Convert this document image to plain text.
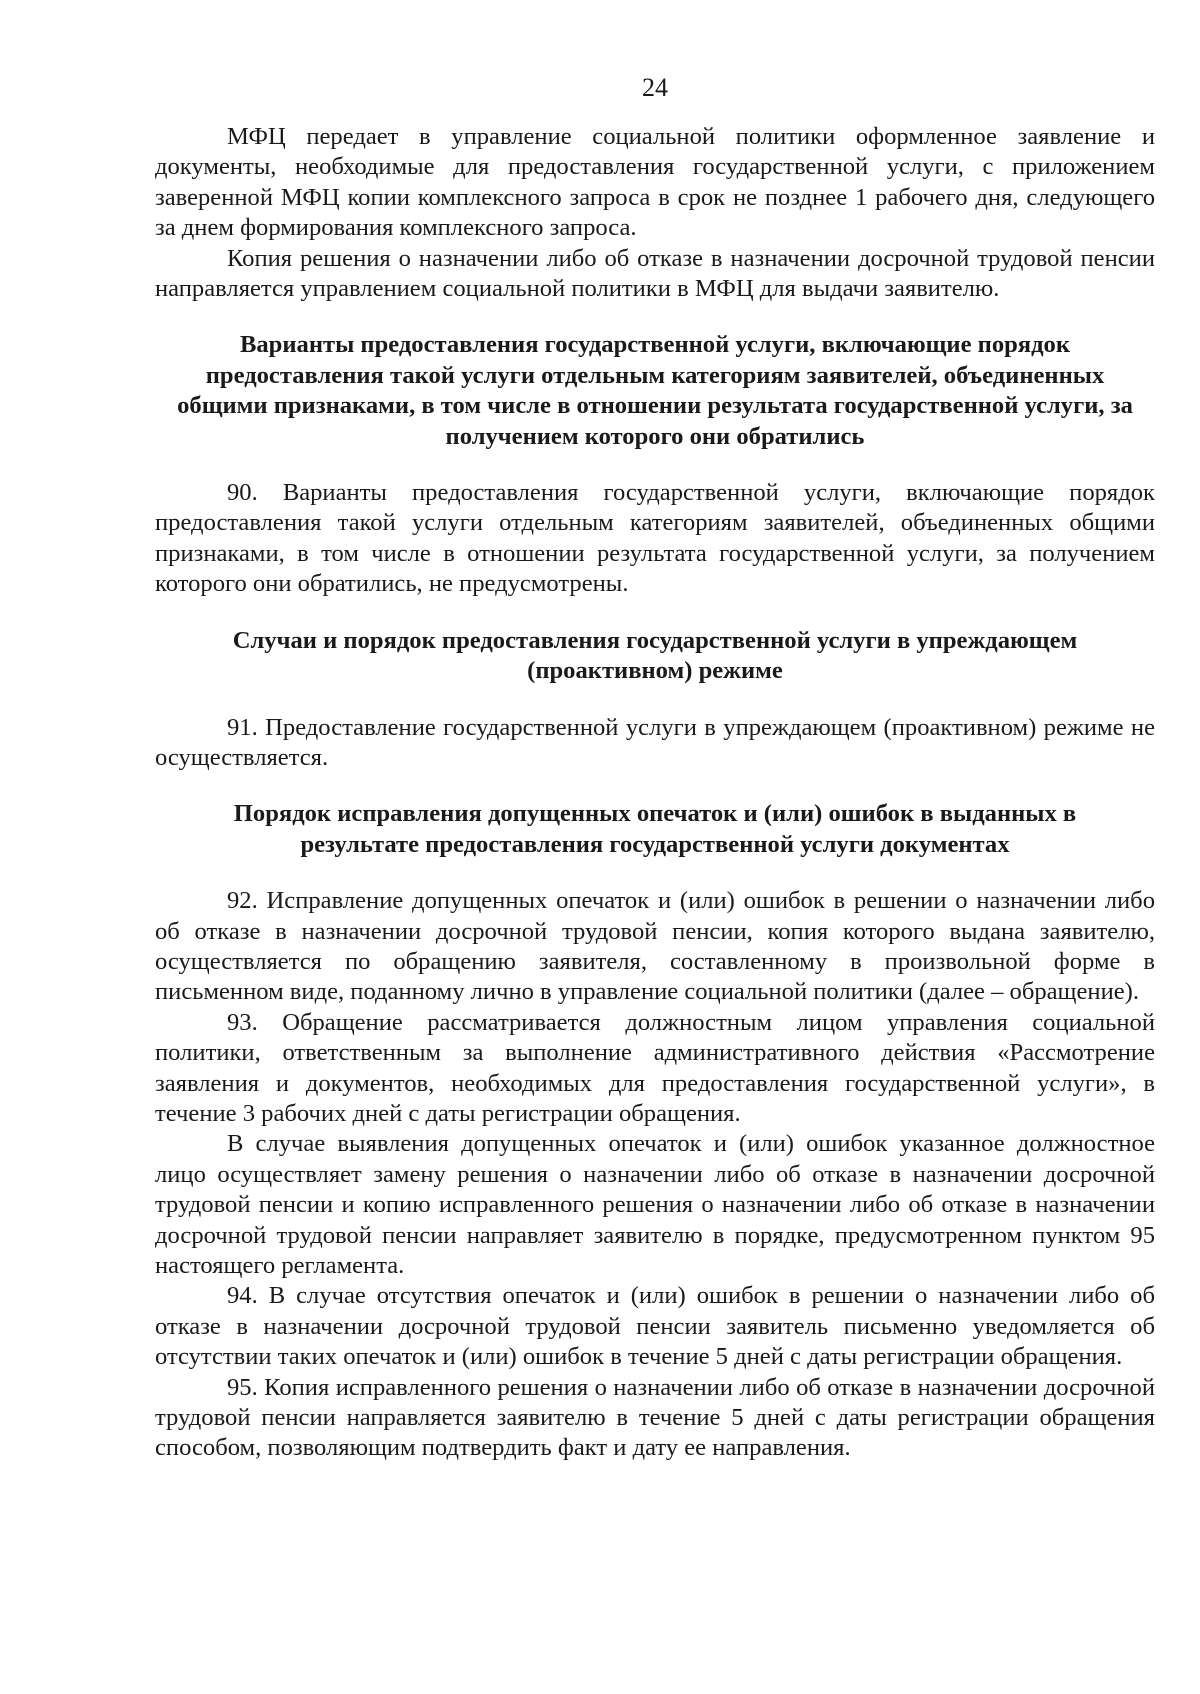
24

МФЦ передает в управление социальной политики оформленное заявление и документы, необходимые для предоставления государственной услуги, с приложением заверенной МФЦ копии комплексного запроса в срок не позднее 1 рабочего дня, следующего за днем формирования комплексного запроса.

Копия решения о назначении либо об отказе в назначении досрочной трудовой пенсии направляется управлением социальной политики в МФЦ для выдачи заявителю.

Варианты предоставления государственной услуги, включающие порядок предоставления такой услуги отдельным категориям заявителей, объединенных общими признаками, в том числе в отношении результата государственной услуги, за получением которого они обратились

90. Варианты предоставления государственной услуги, включающие порядок предоставления такой услуги отдельным категориям заявителей, объединенных общими признаками, в том числе в отношении результата государственной услуги, за получением которого они обратились, не предусмотрены.

Случаи и порядок предоставления государственной услуги в упреждающем (проактивном) режиме

91. Предоставление государственной услуги в упреждающем (проактивном) режиме не осуществляется.

Порядок исправления допущенных опечаток и (или) ошибок в выданных в результате предоставления государственной услуги документах

92. Исправление допущенных опечаток и (или) ошибок в решении о назначении либо об отказе в назначении досрочной трудовой пенсии, копия которого выдана заявителю, осуществляется по обращению заявителя, составленному в произвольной форме в письменном виде, поданному лично в управление социальной политики (далее – обращение).

93. Обращение рассматривается должностным лицом управления социальной политики, ответственным за выполнение административного действия «Рассмотрение заявления и документов, необходимых для предоставления государственной услуги», в течение 3 рабочих дней с даты регистрации обращения.

В случае выявления допущенных опечаток и (или) ошибок указанное должностное лицо осуществляет замену решения о назначении либо об отказе в назначении досрочной трудовой пенсии и копию исправленного решения о назначении либо об отказе в назначении досрочной трудовой пенсии направляет заявителю в порядке, предусмотренном пунктом 95 настоящего регламента.

94. В случае отсутствия опечаток и (или) ошибок в решении о назначении либо об отказе в назначении досрочной трудовой пенсии заявитель письменно уведомляется об отсутствии таких опечаток и (или) ошибок в течение 5 дней с даты регистрации обращения.

95. Копия исправленного решения о назначении либо об отказе в назначении досрочной трудовой пенсии направляется заявителю в течение 5 дней с даты регистрации обращения способом, позволяющим подтвердить факт и дату ее направления.
